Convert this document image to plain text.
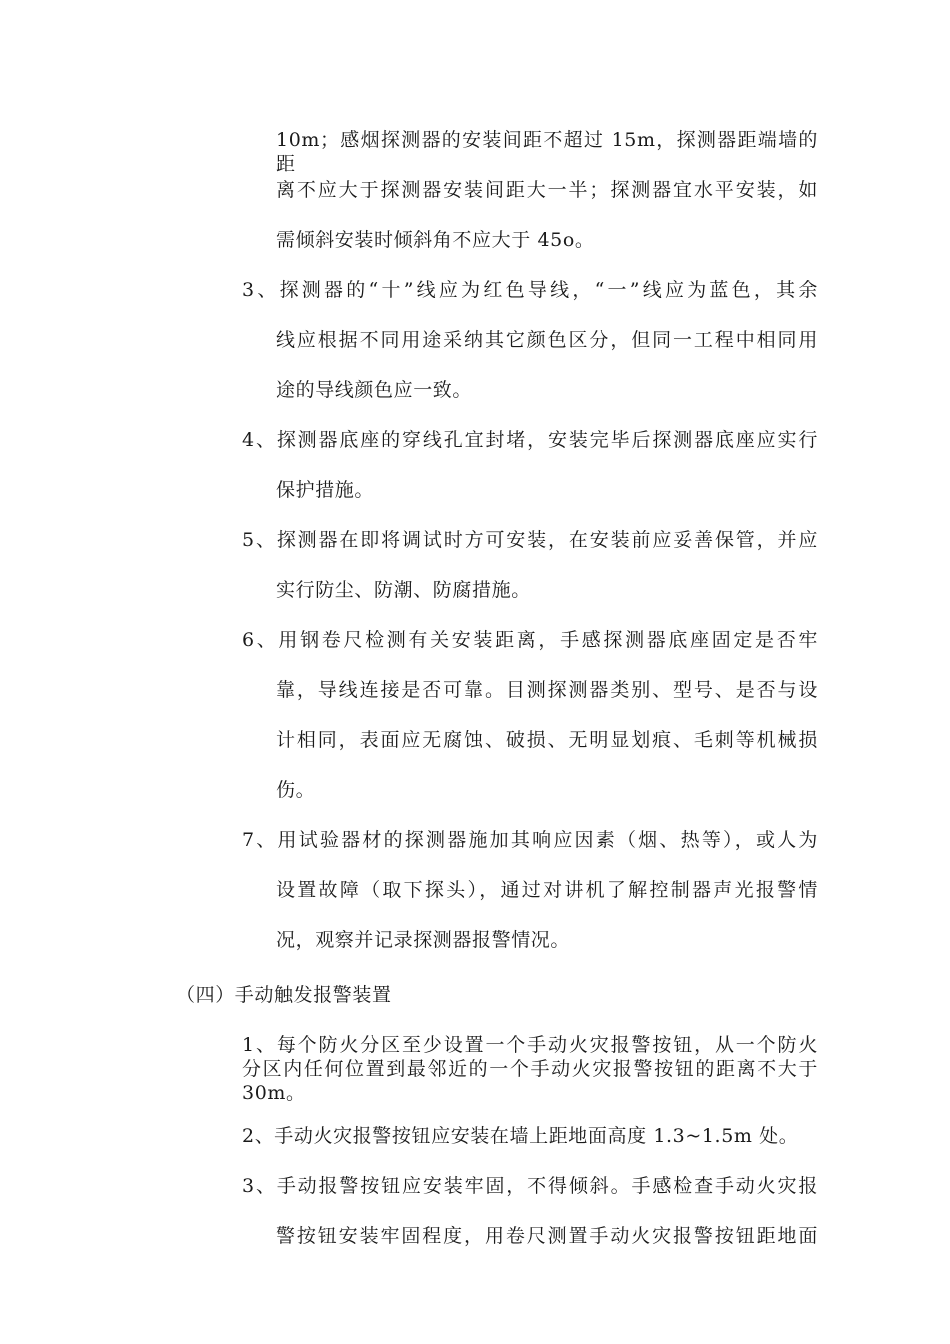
10m；感烟探测器的安装间距不超过 15m，探测器距端墙的距
离不应大于探测器安装间距大一半；探测器宜水平安装，如
需倾斜安装时倾斜角不应大于 45o。
3、探测器的“十”线应为红色导线，“一”线应为蓝色，其余
线应根据不同用途采纳其它颜色区分，但同一工程中相同用
途的导线颜色应一致。
4、探测器底座的穿线孔宜封堵，安装完毕后探测器底座应实行
保护措施。
5、探测器在即将调试时方可安装，在安装前应妥善保管，并应
实行防尘、防潮、防腐措施。
6、用钢卷尺检测有关安装距离，手感探测器底座固定是否牢
靠，导线连接是否可靠。目测探测器类别、型号、是否与设
计相同，表面应无腐蚀、破损、无明显划痕、毛刺等机械损
伤。
7、用试验器材的探测器施加其响应因素（烟、热等），或人为
设置故障（取下探头），通过对讲机了解控制器声光报警情
况，观察并记录探测器报警情况。
（四）手动触发报警装置
1、每个防火分区至少设置一个手动火灾报警按钮，从一个防火
分区内任何位置到最邻近的一个手动火灾报警按钮的距离不大于
30m。
2、手动火灾报警按钮应安装在墙上距地面高度 1.3~1.5m 处。
3、手动报警按钮应安装牢固，不得倾斜。手感检查手动火灾报
警按钮安装牢固程度，用卷尺测置手动火灾报警按钮距地面
